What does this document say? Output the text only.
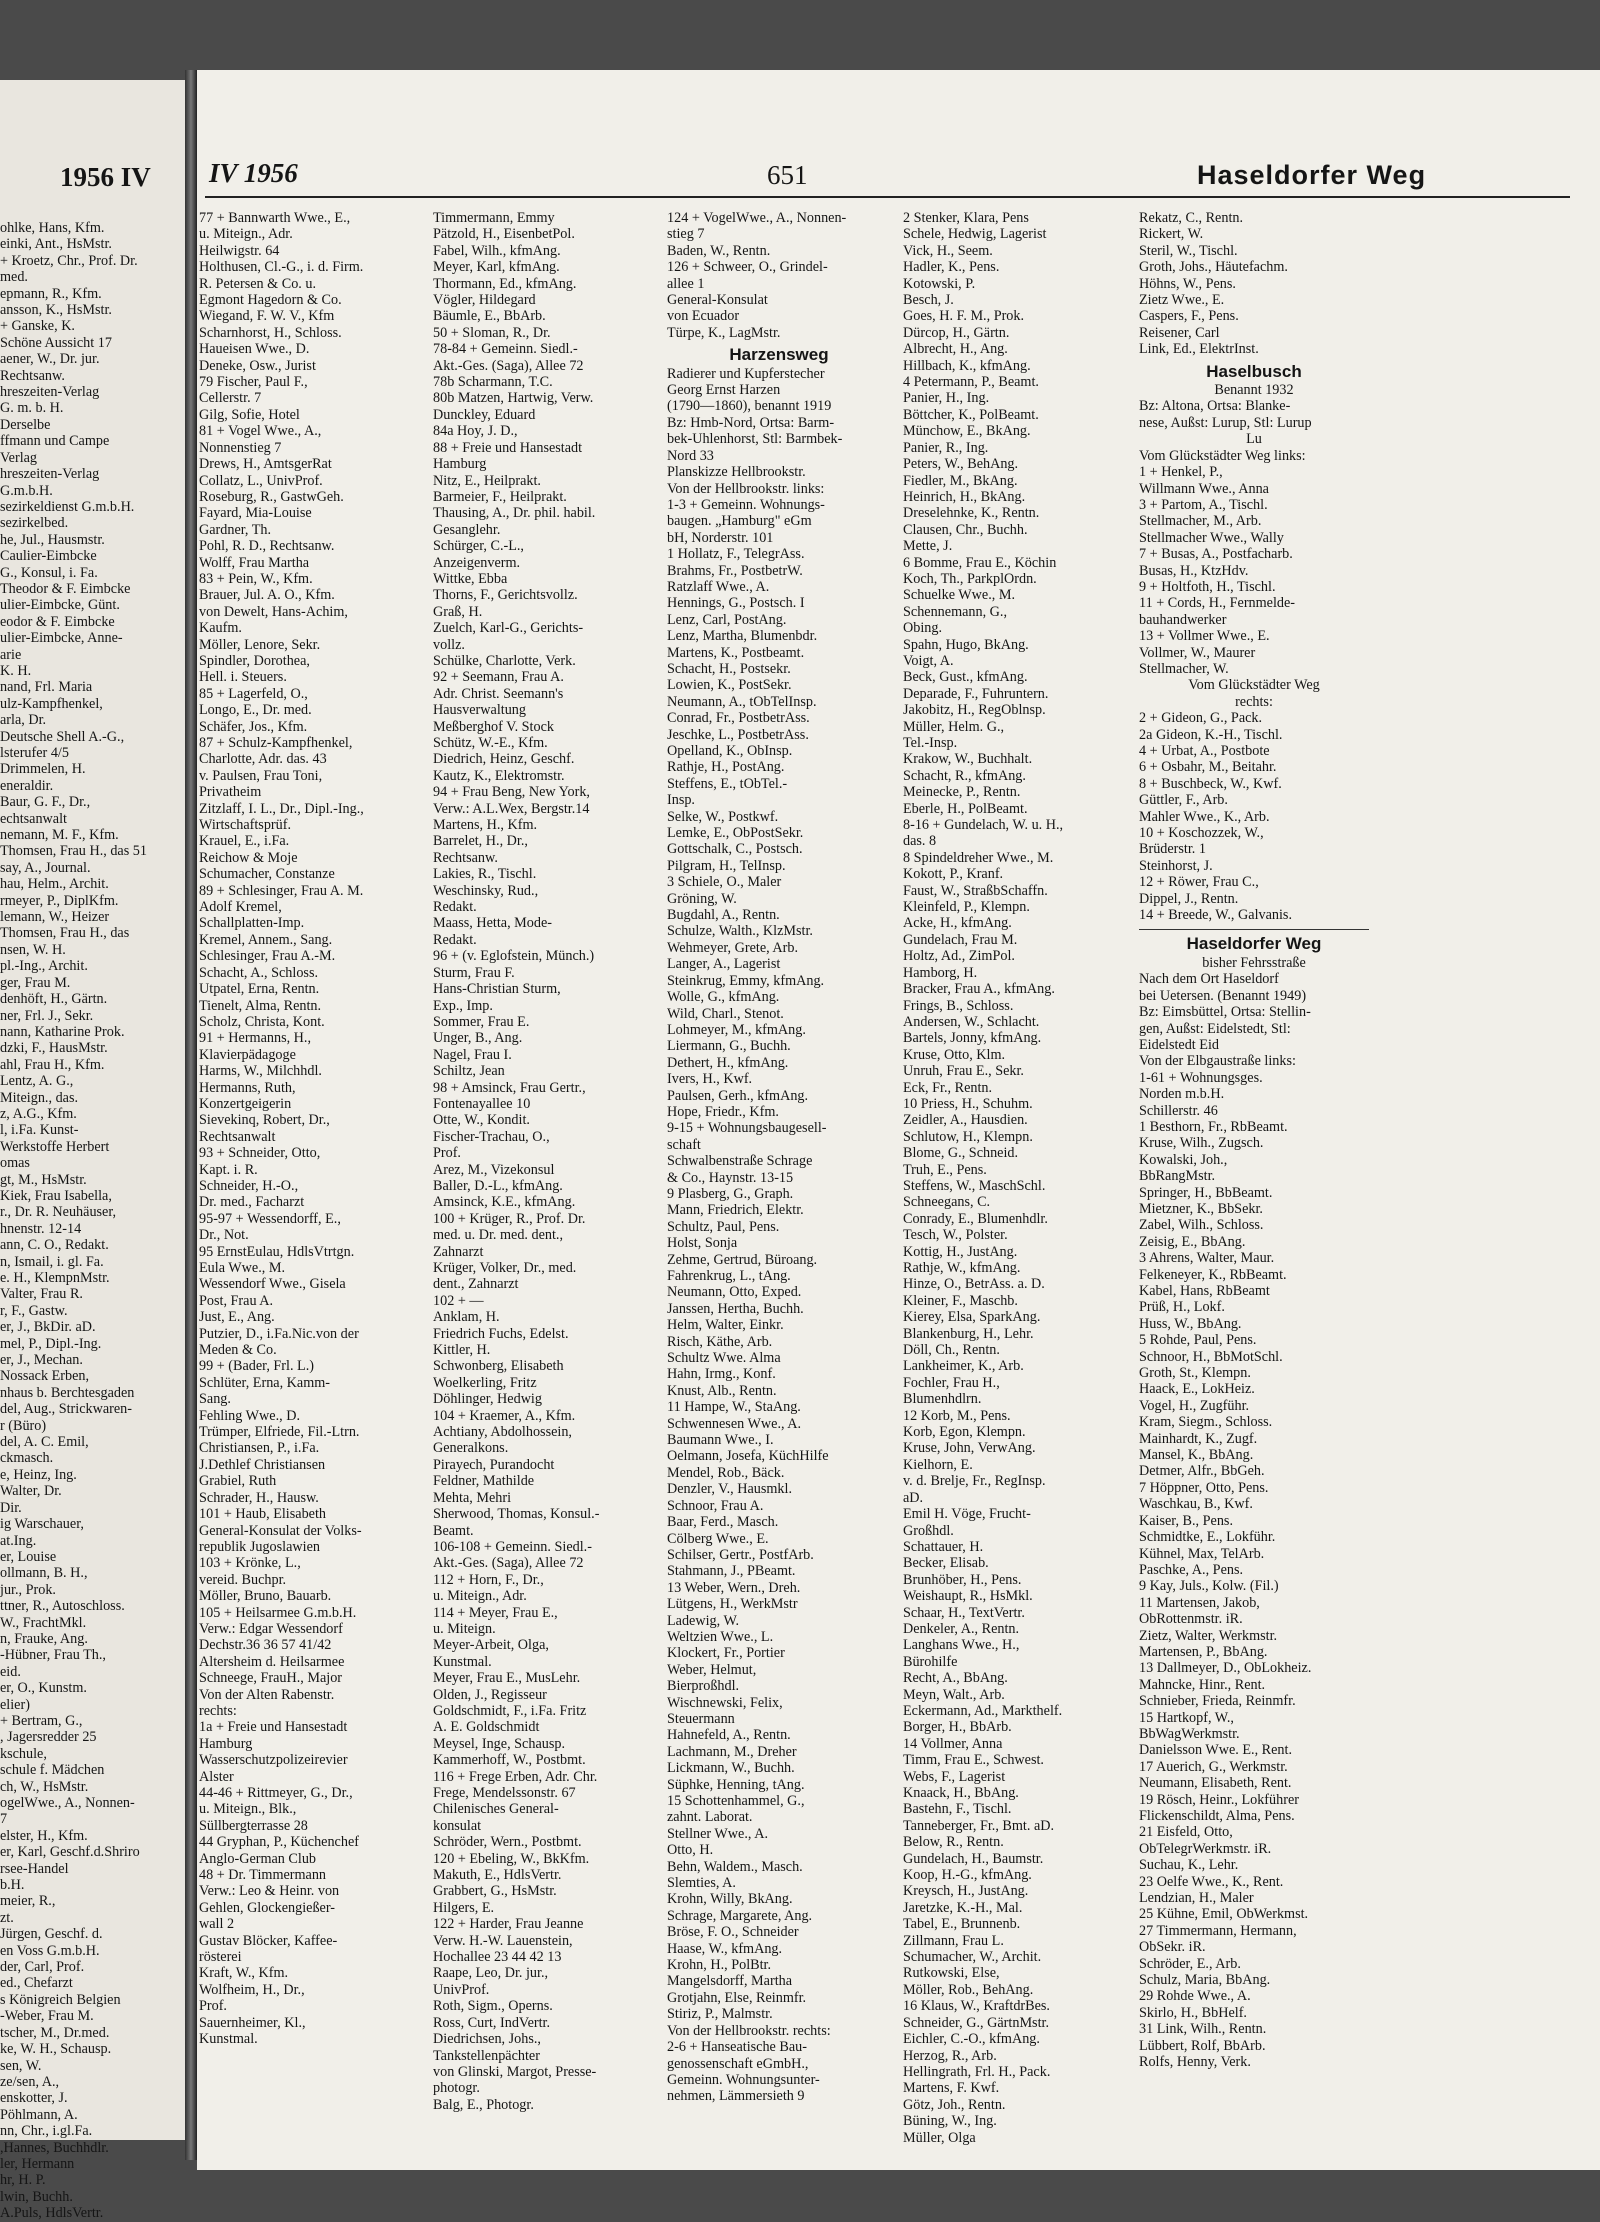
1956 IV
ohlke, Hans, Kfm.
einki, Ant., HsMstr.
+ Kroetz, Chr., Prof. Dr.
med.
epmann, R., Kfm.
ansson, K., HsMstr.
+ Ganske, K.
Schöne Aussicht 17
aener, W., Dr. jur.
Rechtsanw.
hreszeiten-Verlag
G. m. b. H.
Derselbe
ffmann und Campe
Verlag
hreszeiten-Verlag
G.m.b.H.
sezirkeldienst G.m.b.H.
sezirkelbed.
he, Jul., Hausmstr.
Caulier-Eimbcke
G., Konsul, i. Fa.
Theodor & F. Eimbcke
ulier-Eimbcke, Günt.
eodor & F. Eimbcke
ulier-Eimbcke, Anne-
arie
K. H.
nand, Frl. Maria
ulz-Kampfhenkel,
arla, Dr.
Deutsche Shell A.-G.,
lsterufer 4/5
Drimmelen, H.
eneraldir.
Baur, G. F., Dr.,
echtsanwalt
nemann, M. F., Kfm.
Thomsen, Frau H., das 51
say, A., Journal.
hau, Helm., Archit.
rmeyer, P., DiplKfm.
lemann, W., Heizer
Thomsen, Frau H., das
nsen, W. H.
pl.-Ing., Archit.
ger, Frau M.
denhöft, H., Gärtn.
ner, Frl. J., Sekr.
nann, Katharine Prok.
dzki, F., HausMstr.
ahl, Frau H., Kfm.
Lentz, A. G.,
Miteign., das.
z, A.G., Kfm.
l, i.Fa. Kunst-
Werkstoffe Herbert
omas
gt, M., HsMstr.
Kiek, Frau Isabella,
r., Dr. R. Neuhäuser,
hnenstr. 12-14
ann, C. O., Redakt.
n, Ismail, i. gl. Fa.
e. H., KlempnMstr.
Valter, Frau R.
r, F., Gastw.
er, J., BkDir. aD.
mel, P., Dipl.-Ing.
er, J., Mechan.
Nossack Erben,
nhaus b. Berchtesgaden
del, Aug., Strickwaren-
r (Büro)
del, A. C. Emil,
ckmasch.
e, Heinz, Ing.
Walter, Dr.
Dir.
ig Warschauer,
at.Ing.
er, Louise
ollmann, B. H.,
jur., Prok.
ttner, R., Autoschloss.
W., FrachtMkl.
n, Frauke, Ang.
-Hübner, Frau Th.,
eid.
er, O., Kunstm.
elier)
+ Bertram, G.,
, Jagersredder 25
kschule,
schule f. Mädchen
ch, W., HsMstr.
ogelWwe., A., Nonnen-
7
elster, H., Kfm.
er, Karl, Geschf.d.Shriro
rsee-Handel
b.H.
meier, R.,
zt.
Jürgen, Geschf. d.
en Voss G.m.b.H.
der, Carl, Prof.
ed., Chefarzt
s Königreich Belgien
-Weber, Frau M.
tscher, M., Dr.med.
ke, W. H., Schausp.
sen, W.
ze/sen, A.,
enskotter, J.
Pöhlmann, A.
nn, Chr., i.gl.Fa.
,Hannes, Buchhdlr.
ler, Hermann
hr, H. P.
lwin, Buchh.
A.Puls, HdlsVertr.
IV 1956	651	Haseldorfer Weg
77 + Bannwarth Wwe., E.,
u. Miteign., Adr.
Heilwigstr. 64
Holthusen, Cl.-G., i. d. Firm.
R. Petersen & Co. u.
Egmont Hagedorn & Co.
Wiegand, F. W. V., Kfm
Scharnhorst, H., Schloss.
Haueisen Wwe., D.
Deneke, Osw., Jurist
79 Fischer, Paul F.,
Cellerstr. 7
Gilg, Sofie, Hotel
81 + Vogel Wwe., A.,
Nonnenstieg 7
Drews, H., AmtsgerRat
Collatz, L., UnivProf.
Roseburg, R., GastwGeh.
Fayard, Mia-Louise
Gardner, Th.
Pohl, R. D., Rechtsanw.
Wolff, Frau Martha
83 + Pein, W., Kfm.
Brauer, Jul. A. O., Kfm.
von Dewelt, Hans-Achim,
Kaufm.
Möller, Lenore, Sekr.
Spindler, Dorothea,
Hell. i. Steuers.
85 + Lagerfeld, O.,
Longo, E., Dr. med.
Schäfer, Jos., Kfm.
87 + Schulz-Kampfhenkel,
Charlotte, Adr. das. 43
v. Paulsen, Frau Toni,
Privatheim
Zitzlaff, I. L., Dr., Dipl.-Ing.,
Wirtschaftsprüf.
Krauel, E., i.Fa.
Reichow & Moje
Schumacher, Constanze
89 + Schlesinger, Frau A. M.
Adolf Kremel,
Schallplatten-Imp.
Kremel, Annem., Sang.
Schlesinger, Frau A.-M.
Schacht, A., Schloss.
Utpatel, Erna, Rentn.
Tienelt, Alma, Rentn.
Scholz, Christa, Kont.
91 + Hermanns, H.,
Klavierpädagoge
Harms, W., Milchhdl.
Hermanns, Ruth,
Konzertgeigerin
Sievekinq, Robert, Dr.,
Rechtsanwalt
93 + Schneider, Otto,
Kapt. i. R.
Schneider, H.-O.,
Dr. med., Facharzt
95-97 + Wessendorff, E.,
Dr., Not.
95 ErnstEulau, HdlsVtrtgn.
Eula Wwe., M.
Wessendorf Wwe., Gisela
Post, Frau A.
Just, E., Ang.
Putzier, D., i.Fa.Nic.von der
Meden & Co.
99 + (Bader, Frl. L.)
Schlüter, Erna, Kamm-
Sang.
Fehling Wwe., D.
Trümper, Elfriede, Fil.-Ltrn.
Christiansen, P., i.Fa.
J.Dethlef Christiansen
Grabiel, Ruth
Schrader, H., Hausw.
101 + Haub, Elisabeth
General-Konsulat der Volks-
republik Jugoslawien
103 + Krönke, L.,
vereid. Buchpr.
Möller, Bruno, Bauarb.
105 + Heilsarmee G.m.b.H.
Verw.: Edgar Wessendorf
Dechstr.36 36 57 41/42
Altersheim d. Heilsarmee
Schneege, FrauH., Major
Von der Alten Rabenstr.
rechts:
1a + Freie und Hansestadt
Hamburg
Wasserschutzpolizeirevier
Alster
44-46 + Rittmeyer, G., Dr.,
u. Miteign., Blk.,
Süllbergterrasse 28
44 Gryphan, P., Küchenchef
Anglo-German Club
48 + Dr. Timmermann
Verw.: Leo & Heinr. von
Gehlen, Glockengießer-
wall 2
Gustav Blöcker, Kaffee-
rösterei
Kraft, W., Kfm.
Wolfheim, H., Dr.,
Prof.
Sauernheimer, Kl.,
Kunstmal.
Timmermann, Emmy
Pätzold, H., EisenbetPol.
Fabel, Wilh., kfmAng.
Meyer, Karl, kfmAng.
Thormann, Ed., kfmAng.
Vögler, Hildegard
Bäumle, E., BbArb.
50 + Sloman, R., Dr.
78-84 + Gemeinn. Siedl.-
Akt.-Ges. (Saga), Allee 72
78b Scharmann, T.C.
80b Matzen, Hartwig, Verw.
Dunckley, Eduard
84a Hoy, J. D.,
88 + Freie und Hansestadt
Hamburg
Nitz, E., Heilprakt.
Barmeier, F., Heilprakt.
Thausing, A., Dr. phil. habil.
Gesanglehr.
Schürger, C.-L.,
Anzeigenverm.
Wittke, Ebba
Thorns, F., Gerichtsvollz.
Graß, H.
Zuelch, Karl-G., Gerichts-
vollz.
Schülke, Charlotte, Verk.
92 + Seemann, Frau A.
Adr. Christ. Seemann's
Hausverwaltung
Meßberghof V. Stock
Schütz, W.-E., Kfm.
Diedrich, Heinz, Geschf.
Kautz, K., Elektromstr.
94 + Frau Beng, New York,
Verw.: A.L.Wex, Bergstr.14
Martens, H., Kfm.
Barrelet, H., Dr.,
Rechtsanw.
Lakies, R., Tischl.
Weschinsky, Rud.,
Redakt.
Maass, Hetta, Mode-
Redakt.
96 + (v. Eglofstein, Münch.)
Sturm, Frau F.
Hans-Christian Sturm,
Exp., Imp.
Sommer, Frau E.
Unger, B., Ang.
Nagel, Frau I.
Schiltz, Jean
98 + Amsinck, Frau Gertr.,
Fontenayallee 10
Otte, W., Kondit.
Fischer-Trachau, O.,
Prof.
Arez, M., Vizekonsul
Baller, D.-L., kfmAng.
Amsinck, K.E., kfmAng.
100 + Krüger, R., Prof. Dr.
med. u. Dr. med. dent.,
Zahnarzt
Krüger, Volker, Dr., med.
dent., Zahnarzt
102 + —
Anklam, H.
Friedrich Fuchs, Edelst.
Kittler, H.
Schwonberg, Elisabeth
Woelkerling, Fritz
Döhlinger, Hedwig
104 + Kraemer, A., Kfm.
Achtiany, Abdolhossein,
Generalkons.
Pirayech, Purandocht
Feldner, Mathilde
Mehta, Mehri
Sherwood, Thomas, Konsul.-
Beamt.
106-108 + Gemeinn. Siedl.-
Akt.-Ges. (Saga), Allee 72
112 + Horn, F., Dr.,
u. Miteign., Adr.
114 + Meyer, Frau E.,
u. Miteign.
Meyer-Arbeit, Olga,
Kunstmal.
Meyer, Frau E., MusLehr.
Olden, J., Regisseur
Goldschmidt, F., i.Fa. Fritz
A. E. Goldschmidt
Meysel, Inge, Schausp.
Kammerhoff, W., Postbmt.
116 + Frege Erben, Adr. Chr.
Frege, Mendelssonstr. 67
Chilenisches General-
konsulat
Schröder, Wern., Postbmt.
120 + Ebeling, W., BkKfm.
Makuth, E., HdlsVertr.
Grabbert, G., HsMstr.
Hilgers, E.
122 + Harder, Frau Jeanne
Verw. H.-W. Lauenstein,
Hochallee 23 44 42 13
Raape, Leo, Dr. jur.,
UnivProf.
Roth, Sigm., Operns.
Ross, Curt, IndVertr.
Diedrichsen, Johs.,
Tankstellenpächter
von Glinski, Margot, Presse-
photogr.
Balg, E., Photogr.
124 + VogelWwe., A., Nonnen-
stieg 7
Baden, W., Rentn.
126 + Schweer, O., Grindel-
allee 1
General-Konsulat
von Ecuador
Türpe, K., LagMstr.
Harzensweg
Radierer und Kupferstecher
Georg Ernst Harzen
(1790—1860), benannt 1919
Bz: Hmb-Nord, Ortsa: Barm-
bek-Uhlenhorst, Stl: Barmbek-
Nord 33
Planskizze Hellbrookstr.
Von der Hellbrookstr. links:
1-3 + Gemeinn. Wohnungs-
baugen. „Hamburg" eGm
bH, Norderstr. 101
1 Hollatz, F., TelegrAss.
Brahms, Fr., PostbetrW.
Ratzlaff Wwe., A.
Hennings, G., Postsch. I
Lenz, Carl, PostAng.
Lenz, Martha, Blumenbdr.
Martens, K., Postbeamt.
Schacht, H., Postsekr.
Lowien, K., PostSekr.
Neumann, A., tObTelInsp.
Conrad, Fr., PostbetrAss.
Jeschke, L., PostbetrAss.
Opelland, K., ObInsp.
Rathje, H., PostAng.
Steffens, E., tObTel.-
Insp.
Selke, W., Postkwf.
Lemke, E., ObPostSekr.
Gottschalk, C., Postsch.
Pilgram, H., TelInsp.
3 Schiele, O., Maler
Gröning, W.
Bugdahl, A., Rentn.
Schulze, Walth., KlzMstr.
Wehmeyer, Grete, Arb.
Langer, A., Lagerist
Steinkrug, Emmy, kfmAng.
Wolle, G., kfmAng.
Wild, Charl., Stenot.
Lohmeyer, M., kfmAng.
Liermann, G., Buchh.
Dethert, H., kfmAng.
Ivers, H., Kwf.
Paulsen, Gerh., kfmAng.
Hope, Friedr., Kfm.
9-15 + Wohnungsbaugesell-
schaft
Schwalbenstraße Schrage
& Co., Haynstr. 13-15
9 Plasberg, G., Graph.
Mann, Friedrich, Elektr.
Schultz, Paul, Pens.
Holst, Sonja
Zehme, Gertrud, Büroang.
Fahrenkrug, L., tAng.
Neumann, Otto, Exped.
Janssen, Hertha, Buchh.
Helm, Walter, Einkr.
Risch, Käthe, Arb.
Schultz Wwe. Alma
Hahn, Irmg., Konf.
Knust, Alb., Rentn.
11 Hampe, W., StaAng.
Schwennesen Wwe., A.
Baumann Wwe., I.
Oelmann, Josefa, KüchHilfe
Mendel, Rob., Bäck.
Denzler, V., Hausmkl.
Schnoor, Frau A.
Baar, Ferd., Masch.
Cölberg Wwe., E.
Schilser, Gertr., PostfArb.
Stahmann, J., PBeamt.
13 Weber, Wern., Dreh.
Lütgens, H., WerkMstr
Ladewig, W.
Weltzien Wwe., L.
Klockert, Fr., Portier
Weber, Helmut,
Bierproßhdl.
Wischnewski, Felix,
Steuermann
Hahnefeld, A., Rentn.
Lachmann, M., Dreher
Lickmann, W., Buchh.
Süphke, Henning, tAng.
15 Schottenhammel, G.,
zahnt. Laborat.
Stellner Wwe., A.
Otto, H.
Behn, Waldem., Masch.
Slemties, A.
Krohn, Willy, BkAng.
Schrage, Margarete, Ang.
Bröse, F. O., Schneider
Haase, W., kfmAng.
Krohn, H., PolBtr.
Mangelsdorff, Martha
Grotjahn, Else, Reinmfr.
Stiriz, P., Malmstr.
Von der Hellbrookstr. rechts:
2-6 + Hanseatische Bau-
genossenschaft eGmbH.,
Gemeinn. Wohnungsunter-
nehmen, Lämmersieth 9
2 Stenker, Klara, Pens
Schele, Hedwig, Lagerist
Vick, H., Seem.
Hadler, K., Pens.
Kotowski, P.
Besch, J.
Goes, H. F. M., Prok.
Dürcop, H., Gärtn.
Albrecht, H., Ang.
Hillbach, K., kfmAng.
4 Petermann, P., Beamt.
Panier, H., Ing.
Böttcher, K., PolBeamt.
Münchow, E., BkAng.
Panier, R., Ing.
Peters, W., BehAng.
Fiedler, M., BkAng.
Heinrich, H., BkAng.
Dreselehnke, K., Rentn.
Clausen, Chr., Buchh.
Mette, J.
6 Bomme, Frau E., Köchin
Koch, Th., ParkplOrdn.
Schuelke Wwe., M.
Schennemann, G.,
Obing.
Spahn, Hugo, BkAng.
Voigt, A.
Beck, Gust., kfmAng.
Deparade, F., Fuhruntern.
Jakobitz, H., RegOblnsp.
Müller, Helm. G.,
Tel.-Insp.
Krakow, W., Buchhalt.
Schacht, R., kfmAng.
Meinecke, P., Rentn.
Eberle, H., PolBeamt.
8-16 + Gundelach, W. u. H.,
das. 8
8 Spindeldreher Wwe., M.
Kokott, P., Kranf.
Faust, W., StraßbSchaffn.
Kleinfeld, P., Klempn.
Acke, H., kfmAng.
Gundelach, Frau M.
Holtz, Ad., ZimPol.
Hamborg, H.
Bracker, Frau A., kfmAng.
Frings, B., Schloss.
Andersen, W., Schlacht.
Bartels, Jonny, kfmAng.
Kruse, Otto, Klm.
Unruh, Frau E., Sekr.
Eck, Fr., Rentn.
10 Priess, H., Schuhm.
Zeidler, A., Hausdien.
Schlutow, H., Klempn.
Blome, G., Schneid.
Truh, E., Pens.
Steffens, W., MaschSchl.
Schneegans, C.
Conrady, E., Blumenhdlr.
Tesch, W., Polster.
Kottig, H., JustAng.
Rathje, W., kfmAng.
Hinze, O., BetrAss. a. D.
Kleiner, F., Maschb.
Kierey, Elsa, SparkAng.
Blankenburg, H., Lehr.
Döll, Ch., Rentn.
Lankheimer, K., Arb.
Fochler, Frau H.,
Blumenhdlrn.
12 Korb, M., Pens.
Korb, Egon, Klempn.
Kruse, John, VerwAng.
Kielhorn, E.
v. d. Brelje, Fr., RegInsp.
aD.
Emil H. Vöge, Frucht-
Großhdl.
Schattauer, H.
Becker, Elisab.
Brunhöber, H., Pens.
Weishaupt, R., HsMkl.
Schaar, H., TextVertr.
Denkeler, A., Rentn.
Langhans Wwe., H.,
Bürohilfe
Recht, A., BbAng.
Meyn, Walt., Arb.
Eckermann, Ad., Markthelf.
Borger, H., BbArb.
14 Vollmer, Anna
Timm, Frau E., Schwest.
Webs, F., Lagerist
Knaack, H., BbAng.
Bastehn, F., Tischl.
Tanneberger, Fr., Bmt. aD.
Below, R., Rentn.
Gundelach, H., Baumstr.
Koop, H.-G., kfmAng.
Kreysch, H., JustAng.
Jaretzke, K.-H., Mal.
Tabel, E., Brunnenb.
Zillmann, Frau L.
Schumacher, W., Archit.
Rutkowski, Else,
Möller, Rob., BehAng.
16 Klaus, W., KraftdrBes.
Schneider, G., GärtnMstr.
Eichler, C.-O., kfmAng.
Herzog, R., Arb.
Hellingrath, Frl. H., Pack.
Martens, F. Kwf.
Götz, Joh., Rentn.
Büning, W., Ing.
Müller, Olga
Rekatz, C., Rentn.
Rickert, W.
Steril, W., Tischl.
Groth, Johs., Häutefachm.
Höhns, W., Pens.
Zietz Wwe., E.
Caspers, F., Pens.
Reisener, Carl
Link, Ed., ElektrInst.
Haselbusch
Benannt 1932
Bz: Altona, Ortsa: Blanke-
nese, Außst: Lurup, Stl: Lurup
Lu
Vom Glückstädter Weg links:
1 + Henkel, P.,
Willmann Wwe., Anna
3 + Partom, A., Tischl.
Stellmacher, M., Arb.
Stellmacher Wwe., Wally
7 + Busas, A., Postfacharb.
Busas, H., KtzHdv.
9 + Holtfoth, H., Tischl.
11 + Cords, H., Fernmelde-
bauhandwerker
13 + Vollmer Wwe., E.
Vollmer, W., Maurer
Stellmacher, W.
Vom Glückstädter Weg
rechts:
2 + Gideon, G., Pack.
2a Gideon, K.-H., Tischl.
4 + Urbat, A., Postbote
6 + Osbahr, M., Beitahr.
8 + Buschbeck, W., Kwf.
Güttler, F., Arb.
Mahler Wwe., K., Arb.
10 + Koschozzek, W.,
Brüderstr. 1
Steinhorst, J.
12 + Röwer, Frau C.,
Dippel, J., Rentn.
14 + Breede, W., Galvanis.
Haseldorfer Weg
bisher Fehrsstraße
Nach dem Ort Haseldorf
bei Uetersen. (Benannt 1949)
Bz: Eimsbüttel, Ortsa: Stellin-
gen, Außst: Eidelstedt, Stl:
Eidelstedt Eid
Von der Elbgaustraße links:
1-61 + Wohnungsges.
Norden m.b.H.
Schillerstr. 46
1 Besthorn, Fr., RbBeamt.
Kruse, Wilh., Zugsch.
Kowalski, Joh.,
BbRangMstr.
Springer, H., BbBeamt.
Mietzner, K., BbSekr.
Zabel, Wilh., Schloss.
Zeisig, E., BbAng.
3 Ahrens, Walter, Maur.
Felkeneyer, K., RbBeamt.
Kabel, Hans, RbBeamt
Prüß, H., Lokf.
Huss, W., BbAng.
5 Rohde, Paul, Pens.
Schnoor, H., BbMotSchl.
Groth, St., Klempn.
Haack, E., LokHeiz.
Vogel, H., Zugführ.
Kram, Siegm., Schloss.
Mainhardt, K., Zugf.
Mansel, K., BbAng.
Detmer, Alfr., BbGeh.
7 Höppner, Otto, Pens.
Waschkau, B., Kwf.
Kaiser, B., Pens.
Schmidtke, E., Lokführ.
Kühnel, Max, TelArb.
Paschke, A., Pens.
9 Kay, Juls., Kolw. (Fil.)
11 Martensen, Jakob,
ObRottenmstr. iR.
Zietz, Walter, Werkmstr.
Martensen, P., BbAng.
13 Dallmeyer, D., ObLokheiz.
Mahncke, Hinr., Rent.
Schnieber, Frieda, Reinmfr.
15 Hartkopf, W.,
BbWagWerkmstr.
Danielsson Wwe. E., Rent.
17 Auerich, G., Werkmstr.
Neumann, Elisabeth, Rent.
19 Rösch, Heinr., Lokführer
Flickenschildt, Alma, Pens.
21 Eisfeld, Otto,
ObTelegrWerkmstr. iR.
Suchau, K., Lehr.
23 Oelfe Wwe., K., Rent.
Lendzian, H., Maler
25 Kühne, Emil, ObWerkmst.
27 Timmermann, Hermann,
ObSekr. iR.
Schröder, E., Arb.
Schulz, Maria, BbAng.
29 Rohde Wwe., A.
Skirlo, H., BbHelf.
31 Link, Wilh., Rentn.
Lübbert, Rolf, BbArb.
Rolfs, Henny, Verk.
